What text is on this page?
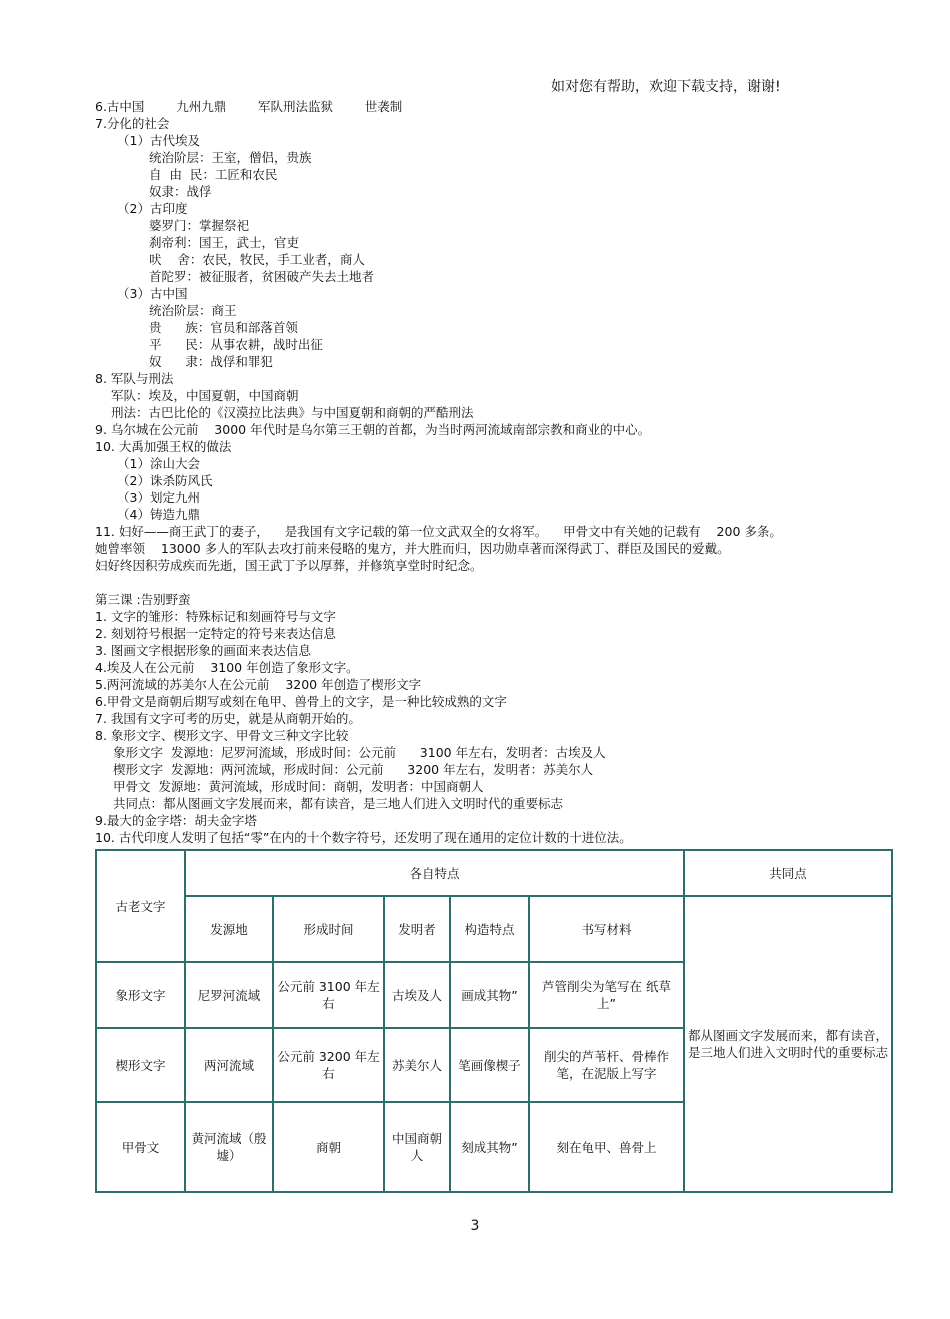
如对您有帮助，欢迎下载支持，谢谢!
6.古中国        九州九鼎        军队刑法监狱        世袭制
7.分化的社会
（1）古代埃及
统治阶层：王室，僧侣，贵族
自  由  民：工匠和农民
奴隶：战俘
（2）古印度
婆罗门：掌握祭祀
刹帝利：国王，武士，官吏
吠    舍：农民，牧民，手工业者，商人
首陀罗：被征服者，贫困破产失去土地者
（3）古中国
统治阶层：商王
贵      族：官员和部落首领
平      民：从事农耕，战时出征
奴      隶：战俘和罪犯
8. 军队与刑法
军队：埃及，中国夏朝，中国商朝
刑法：古巴比伦的《汉漠拉比法典》与中国夏朝和商朝的严酷刑法
9. 乌尔城在公元前    3000 年代时是乌尔第三王朝的首都，为当时两河流域南部宗教和商业的中心。
10. 大禹加强王权的做法
（1）涂山大会
（2）诛杀防风氏
（3）划定九州
（4）铸造九鼎
11. 妇好——商王武丁的妻子，    是我国有文字记载的第一位文武双全的女将军。    甲骨文中有关她的记载有    200 多条。
她曾率领    13000 多人的军队去攻打前来侵略的鬼方，并大胜而归，因功勋卓著而深得武丁、群臣及国民的爱戴。
妇好终因积劳成疾而先逝，国王武丁予以厚葬，并修筑享堂时时纪念。
第三课 :告别野蛮
1. 文字的雏形：特殊标记和刻画符号与文字
2. 刻划符号根据一定特定的符号来表达信息
3. 图画文字根据形象的画面来表达信息
4.埃及人在公元前    3100 年创造了象形文字。
5.两河流域的苏美尔人在公元前    3200 年创造了楔形文字
6.甲骨文是商朝后期写或刻在龟甲、兽骨上的文字，是一种比较成熟的文字
7. 我国有文字可考的历史，就是从商朝开始的。
8. 象形文字、楔形文字、甲骨文三种文字比较
象形文字  发源地：尼罗河流域，形成时间：公元前      3100 年左右，发明者：古埃及人
楔形文字  发源地：两河流域，形成时间：公元前      3200 年左右，发明者：苏美尔人
甲骨文  发源地：黄河流域，形成时间：商朝，发明者：中国商朝人
共同点：都从图画文字发展而来，都有读音，是三地人们进入文明时代的重要标志
9.最大的金字塔：胡夫金字塔
10. 古代印度人发明了包括“零”在内的十个数字符号，还发明了现在通用的定位计数的十进位法。
古老文字	各自特点					共同点
	发源地	形成时间	发明者	构造特点	书写材料	都从图画文字发展而来，都有读音，是三地人们进入文明时代的重要标志
象形文字	尼罗河流域	公元前 3100 年左右	古埃及人	画成其物”	芦管削尖为笔写在 纸草上”	
楔形文字	两河流域	公元前 3200 年左右	苏美尔人	笔画像楔子	削尖的芦苇杆、骨棒作笔，在泥版上写字	
甲骨文	黄河流域（殷墟）	商朝	中国商朝人	刻成其物”	刻在龟甲、兽骨上	
3
